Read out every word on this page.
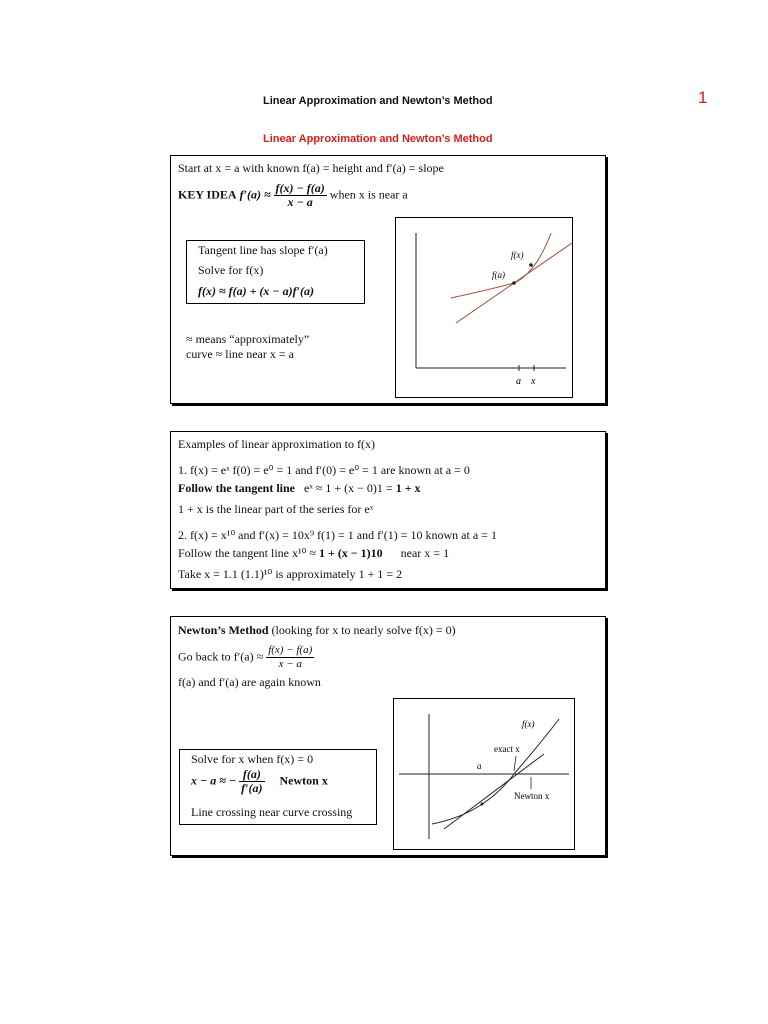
Linear Approximation and Newton’s Method	1
Linear Approximation and Newton’s Method
Start at x = a with known f(a) = height and f′(a) = slope
KEY IDEA $f'(a) \approx \frac{f(x) - f(a)}{x - a}$ when x is near a
Tangent line has slope f′(a)
Solve for f(x)
f(x) ≈ f(a) + (x − a)f′(a)
≈ means “approximately”
curve ≈ line near x = a
a x
f(x)
f(a)
Examples of linear approximation to f(x)
1. f(x) = eˣ f(0) = e⁰ = 1 and f′(0) = e⁰ = 1 are known at a = 0
Follow the tangent line eˣ ≈ 1 + (x − 0)1 = 1 + x
1 + x is the linear part of the series for eˣ
2. f(x) = x¹⁰ and f′(x) = 10x⁹ f(1) = 1 and f′(1) = 10 known at a = 1
Follow the tangent line x¹⁰ ≈ 1 + (x − 1)10 near x = 1
Take x = 1.1 (1.1)¹⁰ is approximately 1 + 1 = 2
Newton’s Method (looking for x to nearly solve f(x) = 0)
Go back to $f'(a) \approx \frac{f(x) - f(a)}{x - a}$
f(a) and f′(a) are again known
Solve for x when f(x) = 0
x − a ≈ − $\frac{f(a)}{f'(a)}$ Newton x
Line crossing near curve crossing
f(x)
exact x
a
Newton x
